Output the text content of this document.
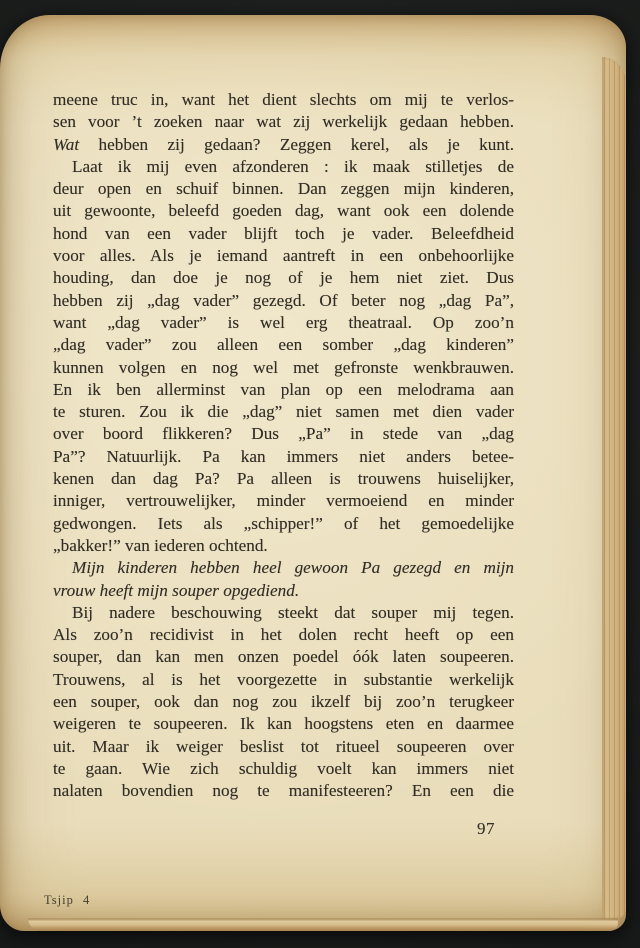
meene truc in, want het dient slechts om mij te verlos-
sen voor ’t zoeken naar wat zij werkelijk gedaan hebben.
Wat hebben zij gedaan? Zeggen kerel, als je kunt.
Laat ik mij even afzonderen : ik maak stilletjes de
deur open en schuif binnen. Dan zeggen mijn kinderen,
uit gewoonte, beleefd goeden dag, want ook een dolende
hond van een vader blijft toch je vader. Beleefdheid
voor alles. Als je iemand aantreft in een onbehoorlijke
houding, dan doe je nog of je hem niet ziet. Dus
hebben zij „dag vader” gezegd. Of beter nog „dag Pa”,
want „dag vader” is wel erg theatraal. Op zoo’n
„dag vader” zou alleen een somber „dag kinderen”
kunnen volgen en nog wel met gefronste wenkbrauwen.
En ik ben allerminst van plan op een melodrama aan
te sturen. Zou ik die „dag” niet samen met dien vader
over boord flikkeren? Dus „Pa” in stede van „dag
Pa”? Natuurlijk. Pa kan immers niet anders betee-
kenen dan dag Pa? Pa alleen is trouwens huiselijker,
inniger, vertrouwelijker, minder vermoeiend en minder
gedwongen. Iets als „schipper!” of het gemoedelijke
„bakker!” van iederen ochtend.
Mijn kinderen hebben heel gewoon Pa gezegd en mijn
vrouw heeft mijn souper opgediend.
Bij nadere beschouwing steekt dat souper mij tegen.
Als zoo’n recidivist in het dolen recht heeft op een
souper, dan kan men onzen poedel óók laten soupeeren.
Trouwens, al is het voorgezette in substantie werkelijk
een souper, ook dan nog zou ikzelf bij zoo’n terugkeer
weigeren te soupeeren. Ik kan hoogstens eten en daarmee
uit. Maar ik weiger beslist tot ritueel soupeeren over
te gaan. Wie zich schuldig voelt kan immers niet
nalaten bovendien nog te manifesteeren? En een die
97
Tsjip 4
